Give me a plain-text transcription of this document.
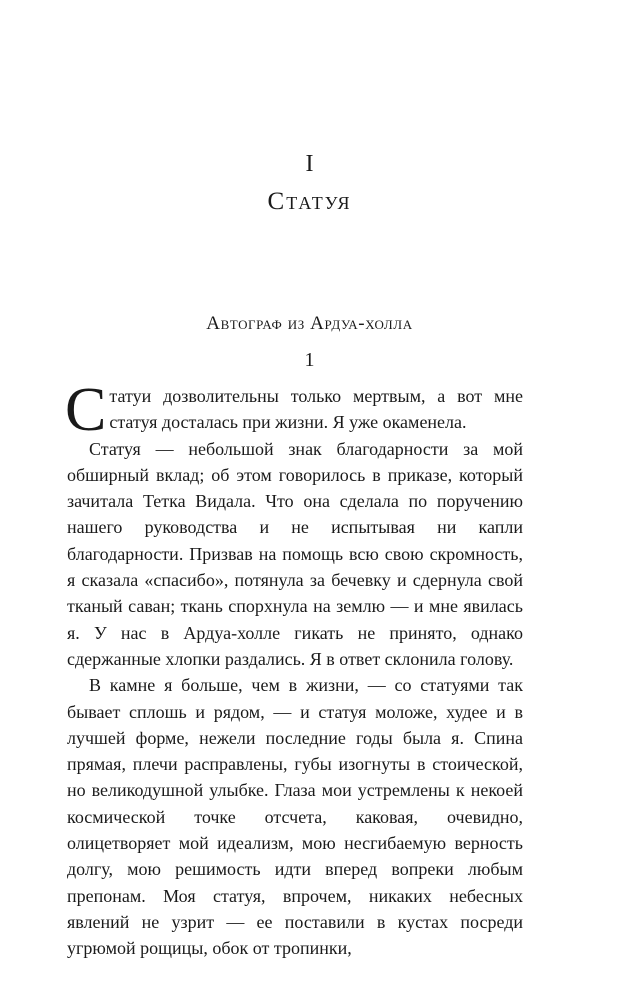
I
Статуя
Автограф из Ардуа-холла
1

Статуи дозволительны только мертвым, а вот мне статуя досталась при жизни. Я уже окаменела.

Статуя — небольшой знак благодарности за мой обширный вклад; об этом говорилось в приказе, который зачитала Тетка Видала. Что она сделала по поручению нашего руководства и не испытывая ни капли благодарности. Призвав на помощь всю свою скромность, я сказала «спасибо», потянула за бечевку и сдернула свой тканый саван; ткань спорхнула на землю — и мне явилась я. У нас в Ардуа-холле гикать не принято, однако сдержанные хлопки раздались. Я в ответ склонила голову.

В камне я больше, чем в жизни, — со статуями так бывает сплошь и рядом, — и статуя моложе, худее и в лучшей форме, нежели последние годы была я. Спина прямая, плечи расправлены, губы изогнуты в стоической, но великодушной улыбке. Глаза мои устремлены к некоей космической точке отсчета, каковая, очевидно, олицетворяет мой идеализм, мою несгибаемую верность долгу, мою решимость идти вперед вопреки любым препонам. Моя статуя, впрочем, никаких небесных явлений не узрит — ее поставили в кустах посреди угрюмой рощицы, обок от тропинки,
